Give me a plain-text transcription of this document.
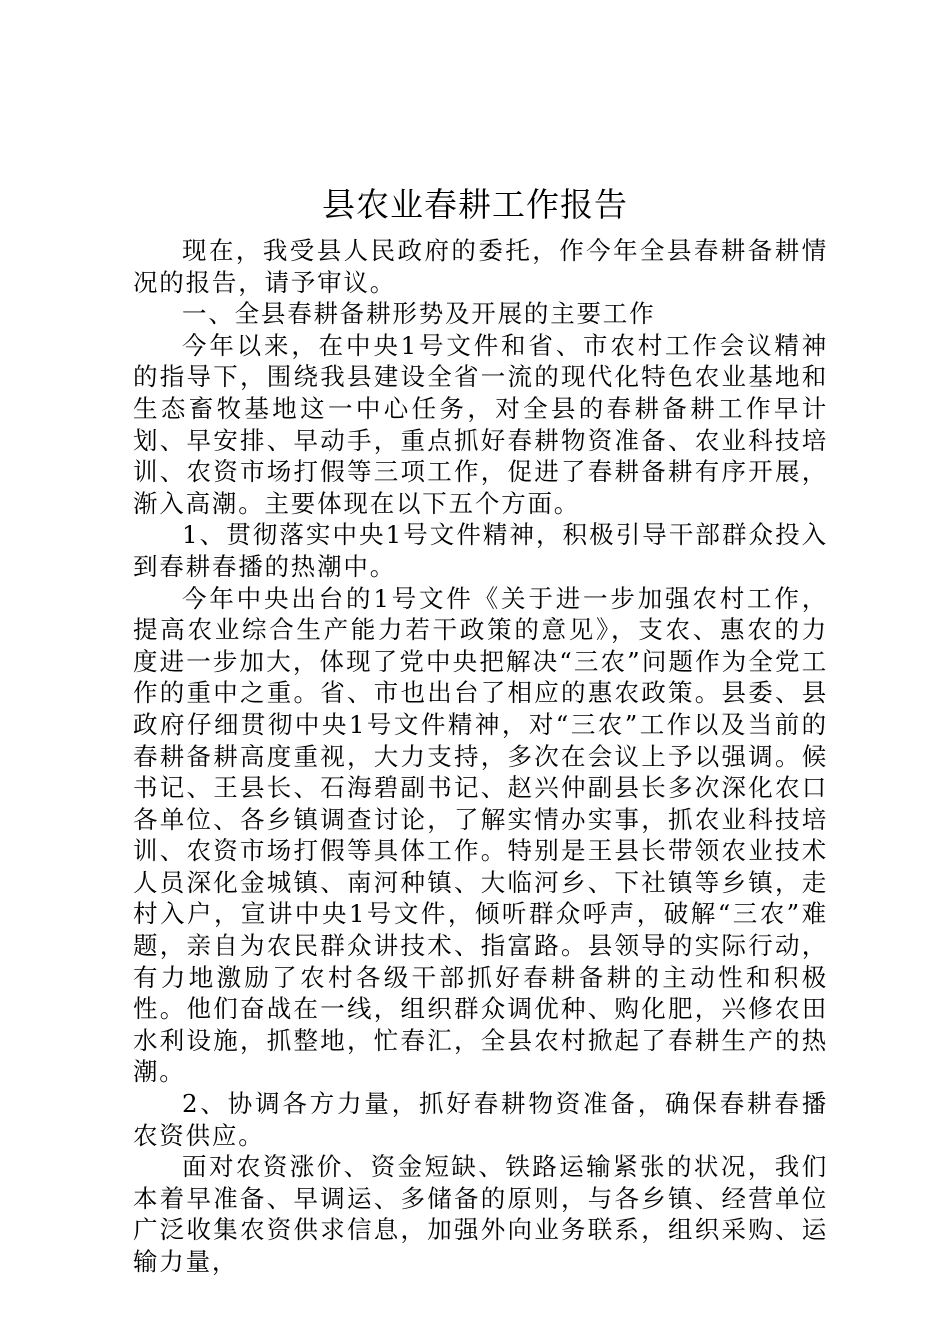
县农业春耕工作报告

现在，我受县人民政府的委托，作今年全县春耕备耕情况的报告，请予审议。

一、全县春耕备耕形势及开展的主要工作

今年以来，在中央1号文件和省、市农村工作会议精神的指导下，围绕我县建设全省一流的现代化特色农业基地和生态畜牧基地这一中心任务，对全县的春耕备耕工作早计划、早安排、早动手，重点抓好春耕物资准备、农业科技培训、农资市场打假等三项工作，促进了春耕备耕有序开展，渐入高潮。主要体现在以下五个方面。

1、贯彻落实中央1号文件精神，积极引导干部群众投入到春耕春播的热潮中。

今年中央出台的1号文件《关于进一步加强农村工作，提高农业综合生产能力若干政策的意见》，支农、惠农的力度进一步加大，体现了党中央把解决“三农”问题作为全党工作的重中之重。省、市也出台了相应的惠农政策。县委、县政府仔细贯彻中央1号文件精神，对“三农”工作以及当前的春耕备耕高度重视，大力支持，多次在会议上予以强调。候书记、王县长、石海碧副书记、赵兴仲副县长多次深化农口各单位、各乡镇调查讨论，了解实情办实事，抓农业科技培训、农资市场打假等具体工作。特别是王县长带领农业技术人员深化金城镇、南河种镇、大临河乡、下社镇等乡镇，走村入户，宣讲中央1号文件，倾听群众呼声，破解“三农”难题，亲自为农民群众讲技术、指富路。县领导的实际行动，有力地激励了农村各级干部抓好春耕备耕的主动性和积极性。他们奋战在一线，组织群众调优种、购化肥，兴修农田水利设施，抓整地，忙春汇，全县农村掀起了春耕生产的热潮。

2、协调各方力量，抓好春耕物资准备，确保春耕春播农资供应。

面对农资涨价、资金短缺、铁路运输紧张的状况，我们本着早准备、早调运、多储备的原则，与各乡镇、经营单位广泛收集农资供求信息，加强外向业务联系，组织采购、运输力量，
